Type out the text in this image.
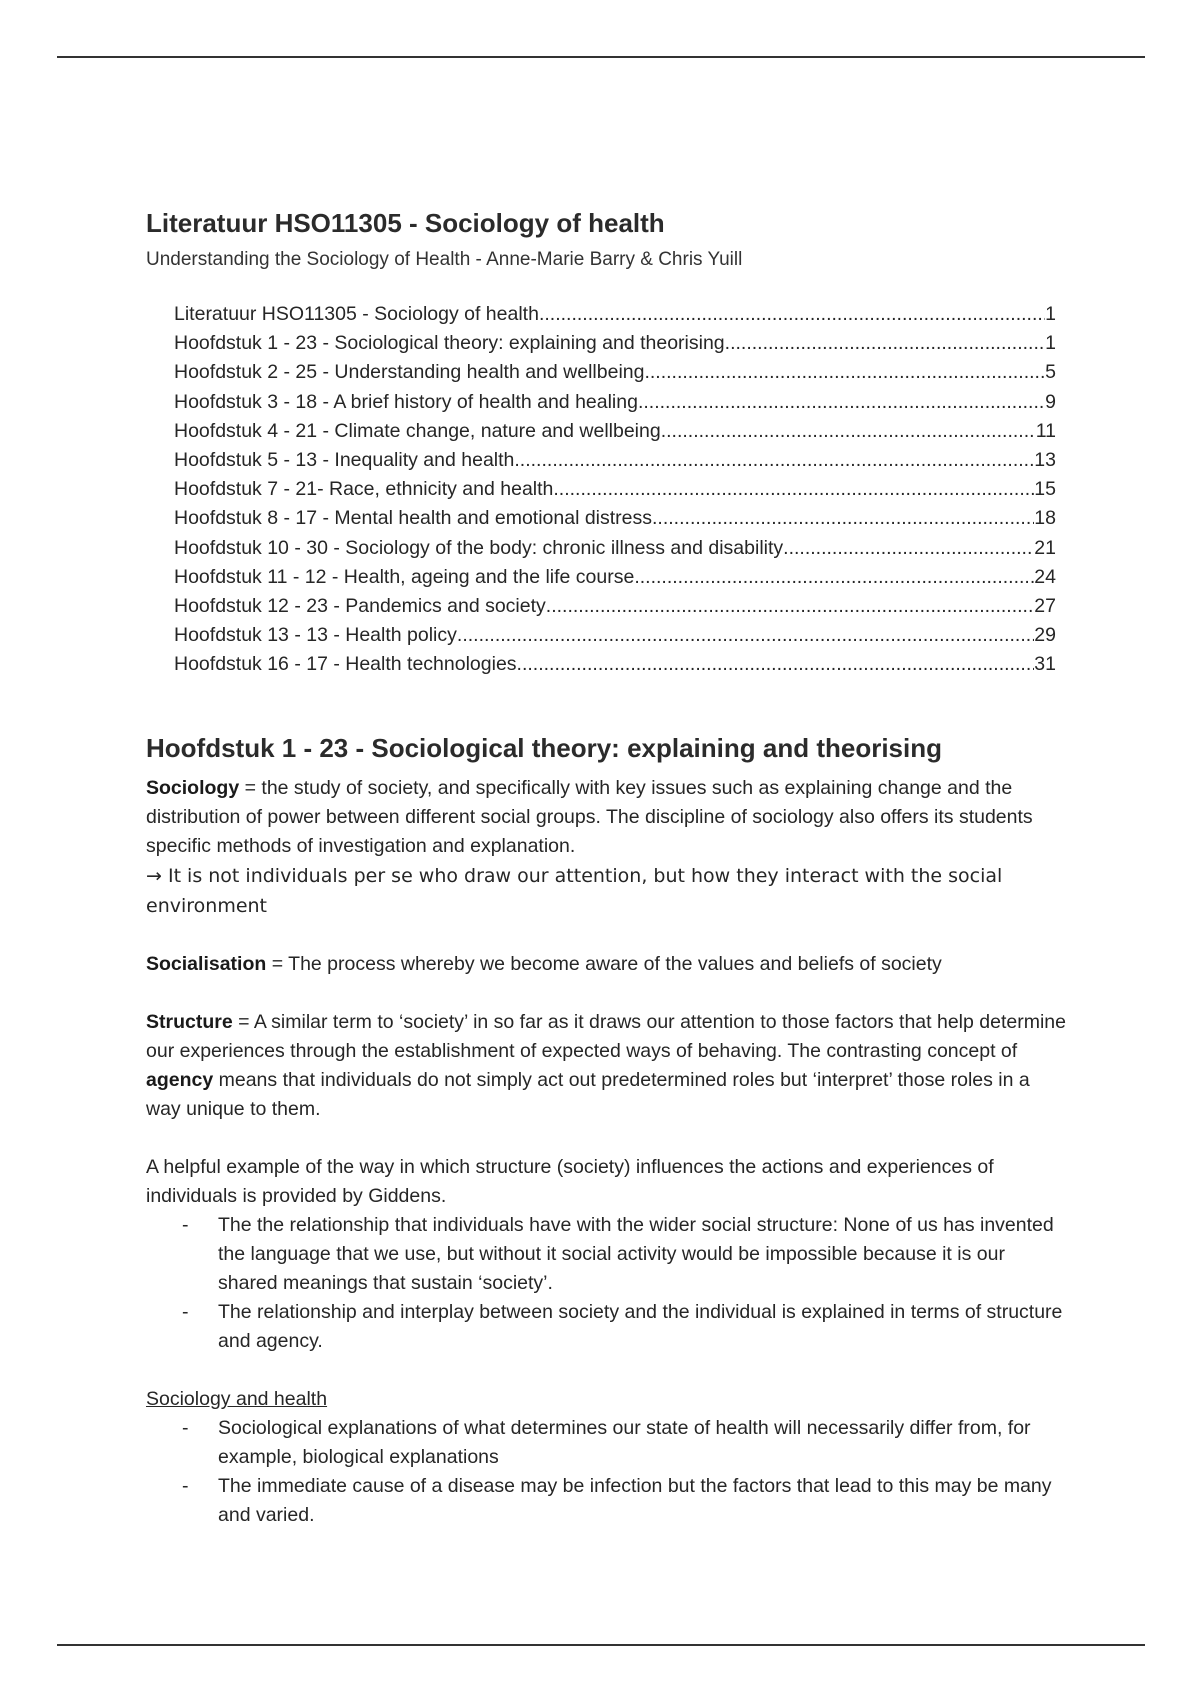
Literatuur HSO11305 - Sociology of health
Understanding the Sociology of Health - Anne-Marie Barry & Chris Yuill
Literatuur HSO11305 - Sociology of health .....	1
Hoofdstuk 1 - 23 - Sociological theory: explaining and theorising .....	1
Hoofdstuk 2 - 25 - Understanding health and wellbeing .....	5
Hoofdstuk 3 - 18 - A brief history of health and healing .....	9
Hoofdstuk 4 - 21 - Climate change, nature and wellbeing .....	11
Hoofdstuk 5 - 13 - Inequality and health .....	13
Hoofdstuk 7 - 21- Race, ethnicity and health .....	15
Hoofdstuk 8 - 17 - Mental health and emotional distress .....	18
Hoofdstuk 10 - 30 - Sociology of the body: chronic illness and disability .....	21
Hoofdstuk 11 - 12 - Health, ageing and the life course .....	24
Hoofdstuk 12 - 23 - Pandemics and society .....	27
Hoofdstuk 13 - 13 - Health policy .....	29
Hoofdstuk 16 - 17 - Health technologies .....	31
Hoofdstuk 1 - 23 - Sociological theory: explaining and theorising

Sociology = the study of society, and specifically with key issues such as explaining change and the distribution of power between different social groups. The discipline of sociology also offers its students specific methods of investigation and explanation.

→ It is not individuals per se who draw our attention, but how they interact with the social environment

Socialisation = The process whereby we become aware of the values and beliefs of society

Structure = A similar term to ‘society’ in so far as it draws our attention to those factors that help determine our experiences through the establishment of expected ways of behaving. The contrasting concept of agency means that individuals do not simply act out predetermined roles but ‘interpret’ those roles in a way unique to them.

A helpful example of the way in which structure (society) influences the actions and experiences of individuals is provided by Giddens.

- The the relationship that individuals have with the wider social structure: None of us has invented the language that we use, but without it social activity would be impossible because it is our shared meanings that sustain ‘society’.
- The relationship and interplay between society and the individual is explained in terms of structure and agency.
Sociology and health
- Sociological explanations of what determines our state of health will necessarily differ from, for example, biological explanations
- The immediate cause of a disease may be infection but the factors that lead to this may be many and varied.
